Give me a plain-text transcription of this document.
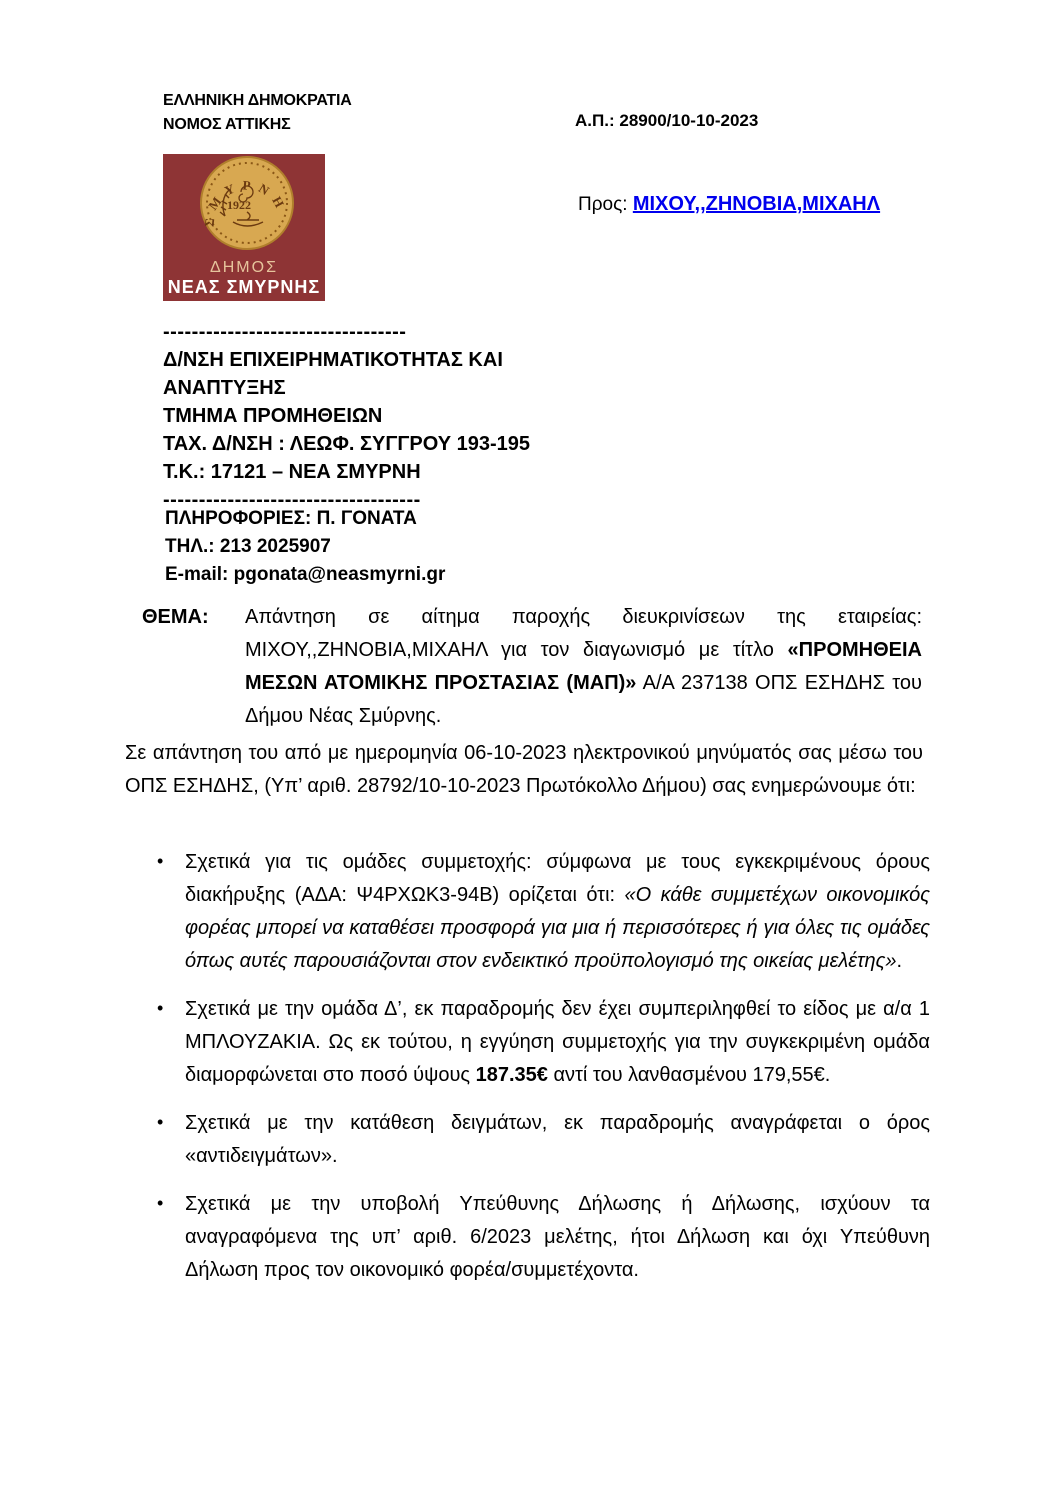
ΕΛΛΗΝΙΚΗ ΔΗΜΟΚΡΑΤΙΑ
ΝΟΜΟΣ ΑΤΤΙΚΗΣ	Α.Π.: 28900/10-10-2023
Προς: ΜΙΧΟΥ,,ΖΗΝΟΒΙΑ,ΜΙΧΑΗΛ
ΣΜΥΡΝΗ
1922
ΔΗΜΟΣ
ΝΕΑΣ ΣΜΥΡΝΗΣ
----------------------------------
Δ/ΝΣΗ ΕΠΙΧΕΙΡΗΜΑΤΙΚΟΤΗΤΑΣ ΚΑΙ
ΑΝΑΠΤΥΞΗΣ
ΤΜΗΜΑ ΠΡΟΜΗΘΕΙΩΝ
ΤΑΧ. Δ/ΝΣΗ : ΛΕΩΦ. ΣΥΓΓΡΟΥ 193-195
Τ.Κ.: 17121 – ΝΕΑ ΣΜΥΡΝΗ
------------------------------------
ΠΛΗΡΟΦΟΡΙΕΣ: Π. ΓΟΝΑΤΑ
ΤΗΛ.: 213 2025907
E-mail: pgonata@neasmyrni.gr
ΘΕΜΑ:	Απάντηση σε αίτημα παροχής διευκρινίσεων της εταιρείας: ΜΙΧΟΥ,,ΖΗΝΟΒΙΑ,ΜΙΧΑΗΛ για τον διαγωνισμό με τίτλο «ΠΡΟΜΗΘΕΙΑ ΜΕΣΩΝ ΑΤΟΜΙΚΗΣ ΠΡΟΣΤΑΣΙΑΣ (ΜΑΠ)» Α/Α 237138 ΟΠΣ ΕΣΗΔΗΣ του Δήμου Νέας Σμύρνης.
Σε απάντηση του από με ημερομηνία 06-10-2023 ηλεκτρονικού μηνύματός σας μέσω του ΟΠΣ ΕΣΗΔΗΣ, (Υπ’ αριθ. 28792/10-10-2023 Πρωτόκολλο Δήμου) σας ενημερώνουμε ότι:
• Σχετικά για τις ομάδες συμμετοχής: σύμφωνα με τους εγκεκριμένους όρους διακήρυξης (ΑΔΑ: Ψ4ΡΧΩΚ3-94Β) ορίζεται ότι: «Ο κάθε συμμετέχων οικονομικός φορέας μπορεί να καταθέσει προσφορά για μια ή περισσότερες ή για όλες τις ομάδες όπως αυτές παρουσιάζονται στον ενδεικτικό προϋπολογισμό της οικείας μελέτης».
• Σχετικά με την ομάδα Δ’, εκ παραδρομής δεν έχει συμπεριληφθεί το είδος με α/α 1 ΜΠΛΟΥΖΑΚΙΑ. Ως εκ τούτου, η εγγύηση συμμετοχής για την συγκεκριμένη ομάδα διαμορφώνεται στο ποσό ύψους 187.35€ αντί του λανθασμένου 179,55€.
• Σχετικά με την κατάθεση δειγμάτων, εκ παραδρομής αναγράφεται ο όρος «αντιδειγμάτων».
• Σχετικά με την υποβολή Υπεύθυνης Δήλωσης ή Δήλωσης, ισχύουν τα αναγραφόμενα της υπ’ αριθ. 6/2023 μελέτης, ήτοι Δήλωση και όχι Υπεύθυνη Δήλωση προς τον οικονομικό φορέα/συμμετέχοντα.
